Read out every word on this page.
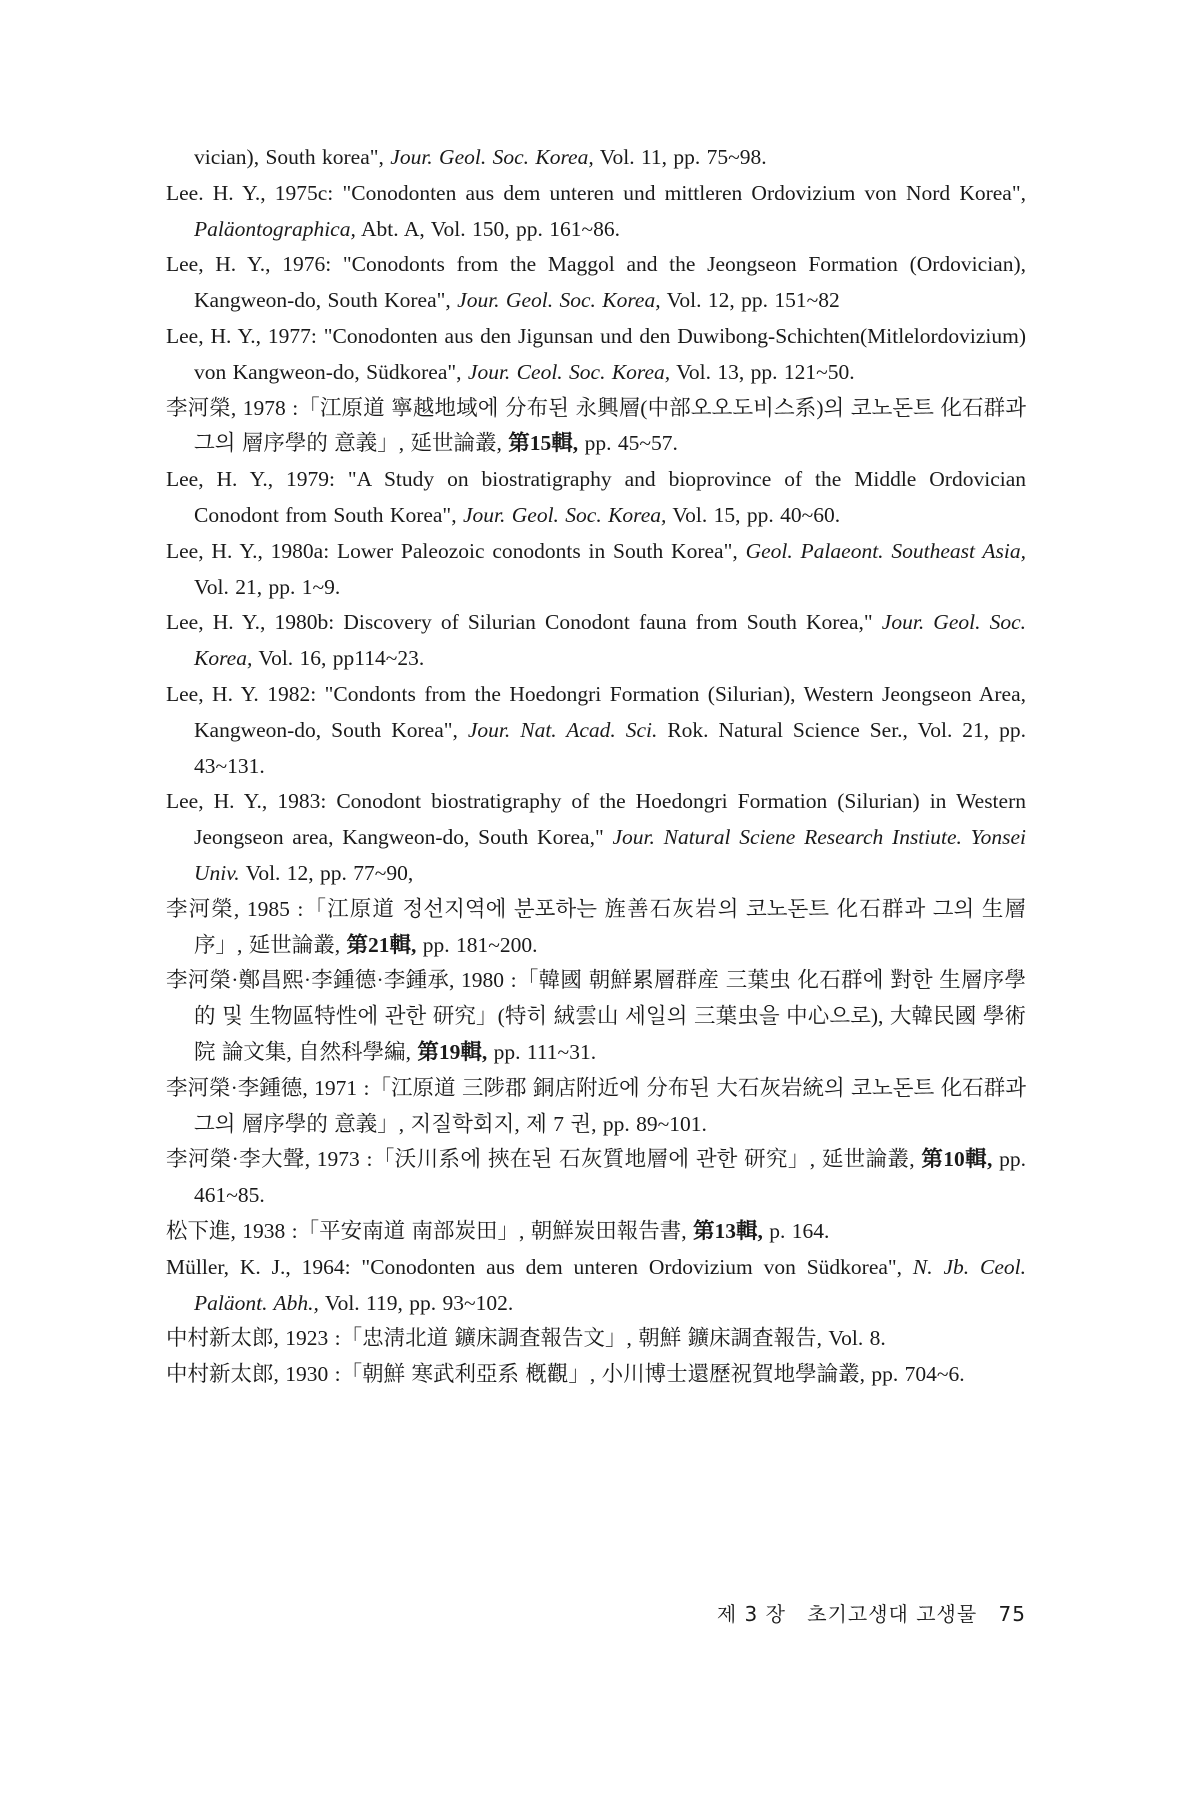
vician), South korea", Jour. Geol. Soc. Korea, Vol. 11, pp. 75~98.
Lee. H. Y., 1975c: "Conodonten aus dem unteren und mittleren Ordovizium von Nord Korea", Paläontographica, Abt. A, Vol. 150, pp. 161~86.
Lee, H. Y., 1976: "Conodonts from the Maggol and the Jeongseon Formation (Ordovician), Kangweon-do, South Korea", Jour. Geol. Soc. Korea, Vol. 12, pp. 151~82
Lee, H. Y., 1977: "Conodonten aus den Jigunsan und den Duwibong-Schichten(Mitlelordovizium) von Kangweon-do, Südkorea", Jour. Ceol. Soc. Korea, Vol. 13, pp. 121~50.
李河榮, 1978 :「江原道 寧越地域에 分布된 永興層(中部오오도비스系)의 코노돈트 化石群과 그의 層序學的 意義」, 延世論叢, 第15輯, pp. 45~57.
Lee, H. Y., 1979: "A Study on biostratigraphy and bioprovince of the Middle Ordovician Conodont from South Korea", Jour. Geol. Soc. Korea, Vol. 15, pp. 40~60.
Lee, H. Y., 1980a: Lower Paleozoic conodonts in South Korea", Geol. Palaeont. Southeast Asia, Vol. 21, pp. 1~9.
Lee, H. Y., 1980b: Discovery of Silurian Conodont fauna from South Korea," Jour. Geol. Soc. Korea, Vol. 16, pp114~23.
Lee, H. Y. 1982: "Condonts from the Hoedongri Formation (Silurian), Western Jeongseon Area, Kangweon-do, South Korea", Jour. Nat. Acad. Sci. Rok. Natural Science Ser., Vol. 21, pp. 43~131.
Lee, H. Y., 1983: Conodont biostratigraphy of the Hoedongri Formation (Silurian) in Western Jeongseon area, Kangweon-do, South Korea," Jour. Natural Sciene Research Instiute. Yonsei Univ. Vol. 12, pp. 77~90,
李河榮, 1985 :「江原道 정선지역에 분포하는 旌善石灰岩의 코노돈트 化石群과 그의 生層序」, 延世論叢, 第21輯, pp. 181~200.
李河榮·鄭昌熙·李鍾德·李鍾承, 1980 :「韓國 朝鮮累層群産 三葉虫 化石群에 對한 生層序學的 및 生物區特性에 관한 研究」(特히 絨雲山 세일의 三葉虫을 中心으로), 大韓民國 學術院 論文集, 自然科學編, 第19輯, pp. 111~31.
李河榮·李鍾德, 1971 :「江原道 三陟郡 銅店附近에 分布된 大石灰岩統의 코노돈트 化石群과 그의 層序學的 意義」, 지질학회지, 제 7 권, pp. 89~101.
李河榮·李大聲, 1973 :「沃川系에 挾在된 石灰質地層에 관한 研究」, 延世論叢, 第10輯, pp. 461~85.
松下進, 1938 :「平安南道 南部炭田」, 朝鮮炭田報告書, 第13輯, p. 164.
Müller, K. J., 1964: "Conodonten aus dem unteren Ordovizium von Südkorea", N. Jb. Ceol. Paläont. Abh., Vol. 119, pp. 93~102.
中村新太郎, 1923 :「忠淸北道 鑛床調査報告文」, 朝鮮 鑛床調査報告, Vol. 8.
中村新太郎, 1930 :「朝鮮 寒武利亞系 槪觀」, 小川博士還歷祝賀地學論叢, pp. 704~6.
제 3 장 초기고생대 고생물 75
